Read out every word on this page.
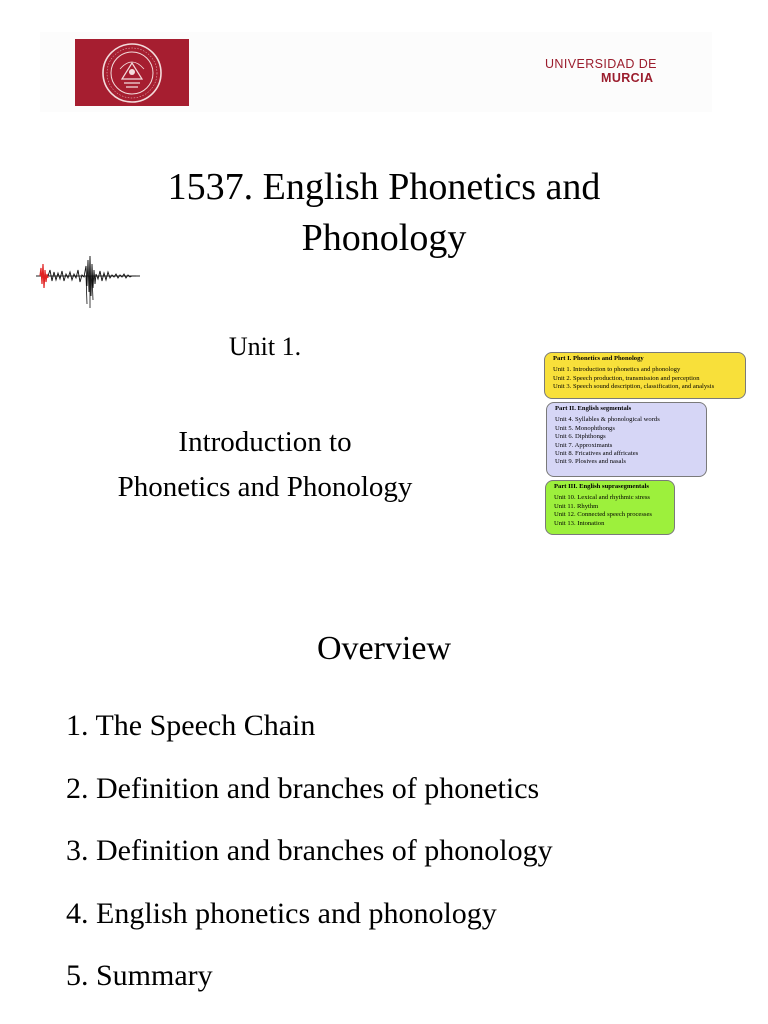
UNIVERSIDAD DE
MURCIA
1537. English Phonetics and
Phonology
Unit 1.
Introduction to
Phonetics and Phonology
Part I. Phonetics and Phonology
Unit 1. Introduction to phonetics and phonology
Unit 2. Speech production, transmission and perception
Unit 3. Speech sound description, classification, and analysis
Part II. English segmentals
Unit 4. Syllables & phonological words
Unit 5. Monophthongs
Unit 6. Diphthongs
Unit 7. Approximants
Unit 8. Fricatives and affricates
Unit 9. Plosives and nasals
Part III. English suprasegmentals
Unit 10. Lexical and rhythmic stress
Unit 11. Rhythm
Unit 12. Connected speech processes
Unit 13. Intonation
Overview
1. The Speech Chain
2. Definition and branches of phonetics
3. Definition and branches of phonology
4. English phonetics and phonology
5. Summary
